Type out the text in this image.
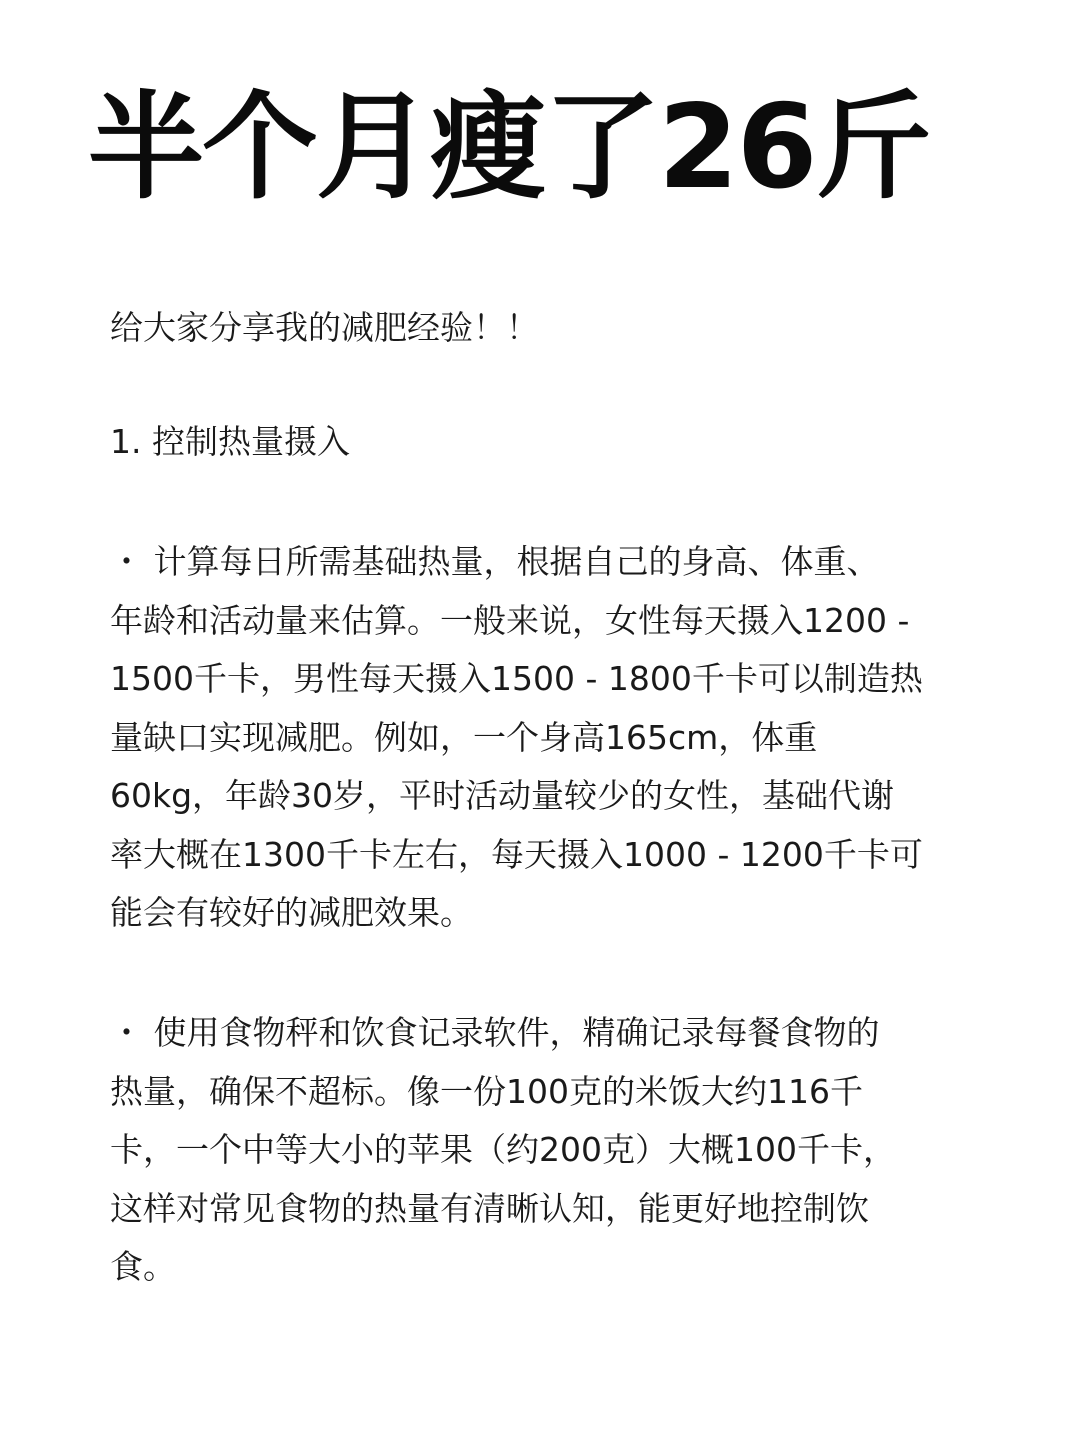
半个月瘦了26斤

给大家分享我的减肥经验！！

1. 控制热量摄入

・ 计算每日所需基础热量，根据自己的身高、体重、
年龄和活动量来估算。一般来说，女性每天摄入1200 -
1500千卡，男性每天摄入1500 - 1800千卡可以制造热
量缺口实现减肥。例如，一个身高165cm，体重
60kg，年龄30岁，平时活动量较少的女性，基础代谢
率大概在1300千卡左右，每天摄入1000 - 1200千卡可
能会有较好的减肥效果。
・ 使用食物秤和饮食记录软件，精确记录每餐食物的
热量，确保不超标。像一份100克的米饭大约116千
卡，一个中等大小的苹果（约200克）大概100千卡，
这样对常见食物的热量有清晰认知，能更好地控制饮
食。
